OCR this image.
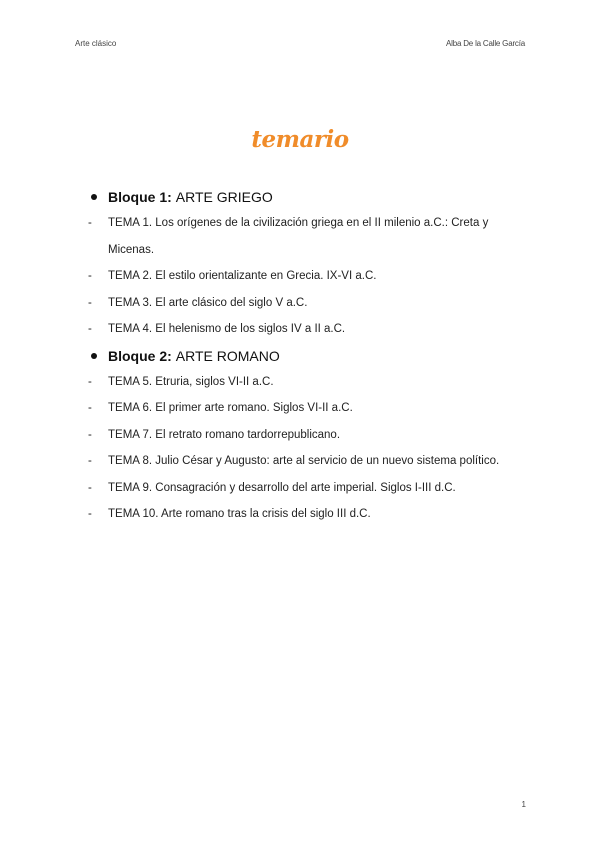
Arte clásico	Alba De la Calle García
temario
Bloque 1: ARTE GRIEGO
-	TEMA 1. Los orígenes de la civilización griega en el II milenio a.C.: Creta y Micenas.
-	TEMA 2. El estilo orientalizante en Grecia. IX-VI a.C.
-	TEMA 3. El arte clásico del siglo V a.C.
-	TEMA 4. El helenismo de los siglos IV a II a.C.
Bloque 2: ARTE ROMANO
-	TEMA 5. Etruria, siglos VI-II a.C.
-	TEMA 6. El primer arte romano. Siglos VI-II a.C.
-	TEMA 7. El retrato romano tardorrepublicano.
-	TEMA 8. Julio César y Augusto: arte al servicio de un nuevo sistema político.
-	TEMA 9. Consagración y desarrollo del arte imperial. Siglos I-III d.C.
-	TEMA 10. Arte romano tras la crisis del siglo III d.C.
1
